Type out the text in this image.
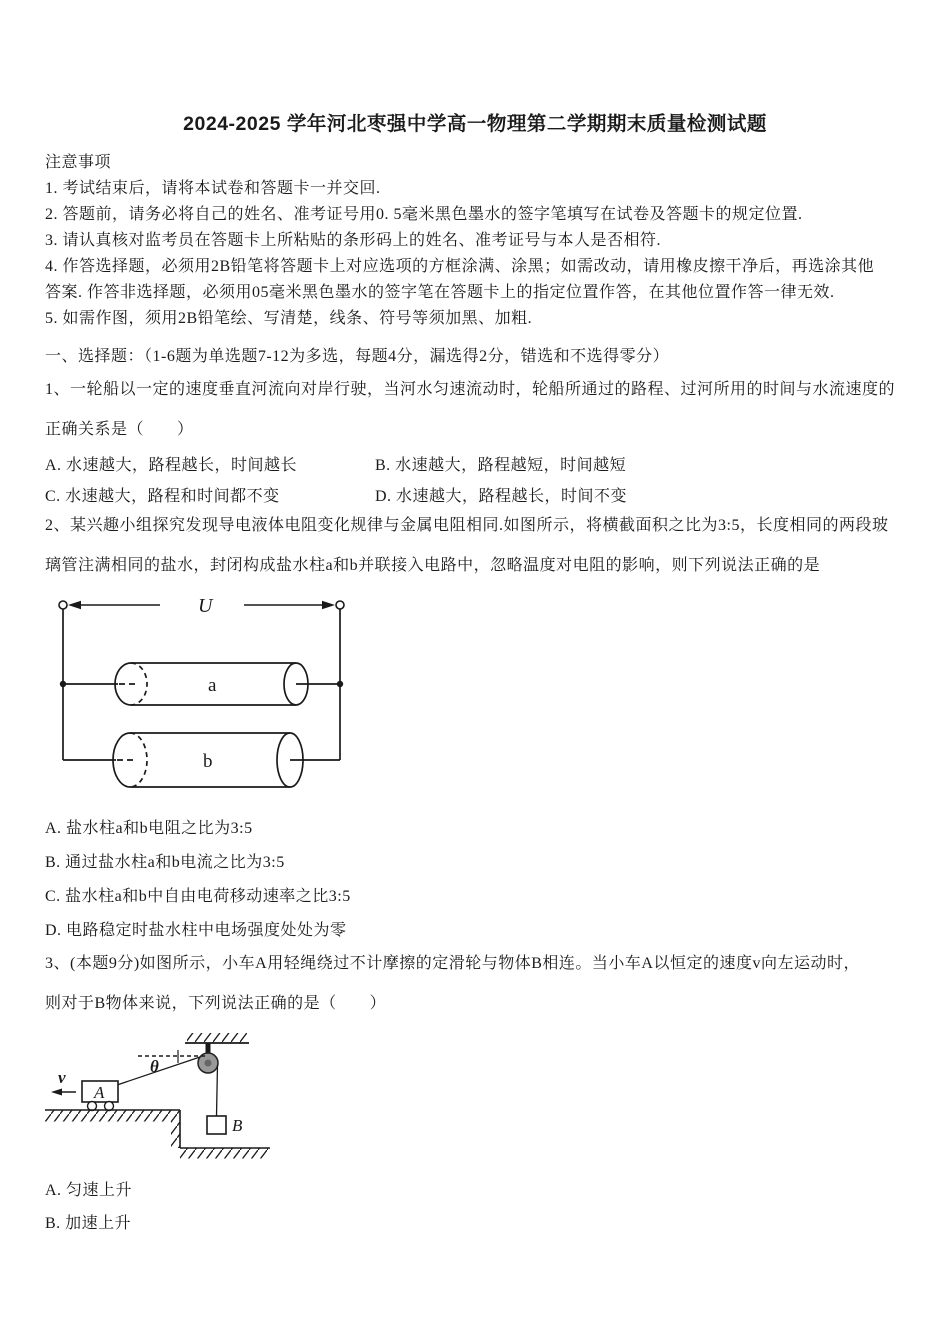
2024-2025 学年河北枣强中学高一物理第二学期期末质量检测试题
注意事项
1. 考试结束后，请将本试卷和答题卡一并交回.
2. 答题前，请务必将自己的姓名、准考证号用0. 5毫米黑色墨水的签字笔填写在试卷及答题卡的规定位置.
3. 请认真核对监考员在答题卡上所粘贴的条形码上的姓名、准考证号与本人是否相符.
4. 作答选择题，必须用2B铅笔将答题卡上对应选项的方框涂满、涂黑；如需改动，请用橡皮擦干净后，再选涂其他
答案. 作答非选择题，必须用05毫米黑色墨水的签字笔在答题卡上的指定位置作答，在其他位置作答一律无效.
5. 如需作图，须用2B铅笔绘、写清楚，线条、符号等须加黑、加粗.
一、选择题：（1-6题为单选题7-12为多选，每题4分，漏选得2分，错选和不选得零分）
1、一轮船以一定的速度垂直河流向对岸行驶，当河水匀速流动时，轮船所通过的路程、过河所用的时间与水流速度的
正确关系是（　　）
A. 水速越大，路程越长，时间越长	B. 水速越大，路程越短，时间越短
C. 水速越大，路程和时间都不变	D. 水速越大，路程越长，时间不变
2、某兴趣小组探究发现导电液体电阻变化规律与金属电阻相同.如图所示，将横截面积之比为3:5，长度相同的两段玻
璃管注满相同的盐水，封闭构成盐水柱a和b并联接入电路中，忽略温度对电阻的影响，则下列说法正确的是
U
a
b
A. 盐水柱a和b电阻之比为3:5
B. 通过盐水柱a和b电流之比为3:5
C. 盐水柱a和b中自由电荷移动速率之比3:5
D. 电路稳定时盐水柱中电场强度处处为零
3、(本题9分)如图所示，小车A用轻绳绕过不计摩擦的定滑轮与物体B相连。当小车A以恒定的速度v向左运动时，
则对于B物体来说，下列说法正确的是（　　）
θ
A
v
B
A. 匀速上升
B. 加速上升
